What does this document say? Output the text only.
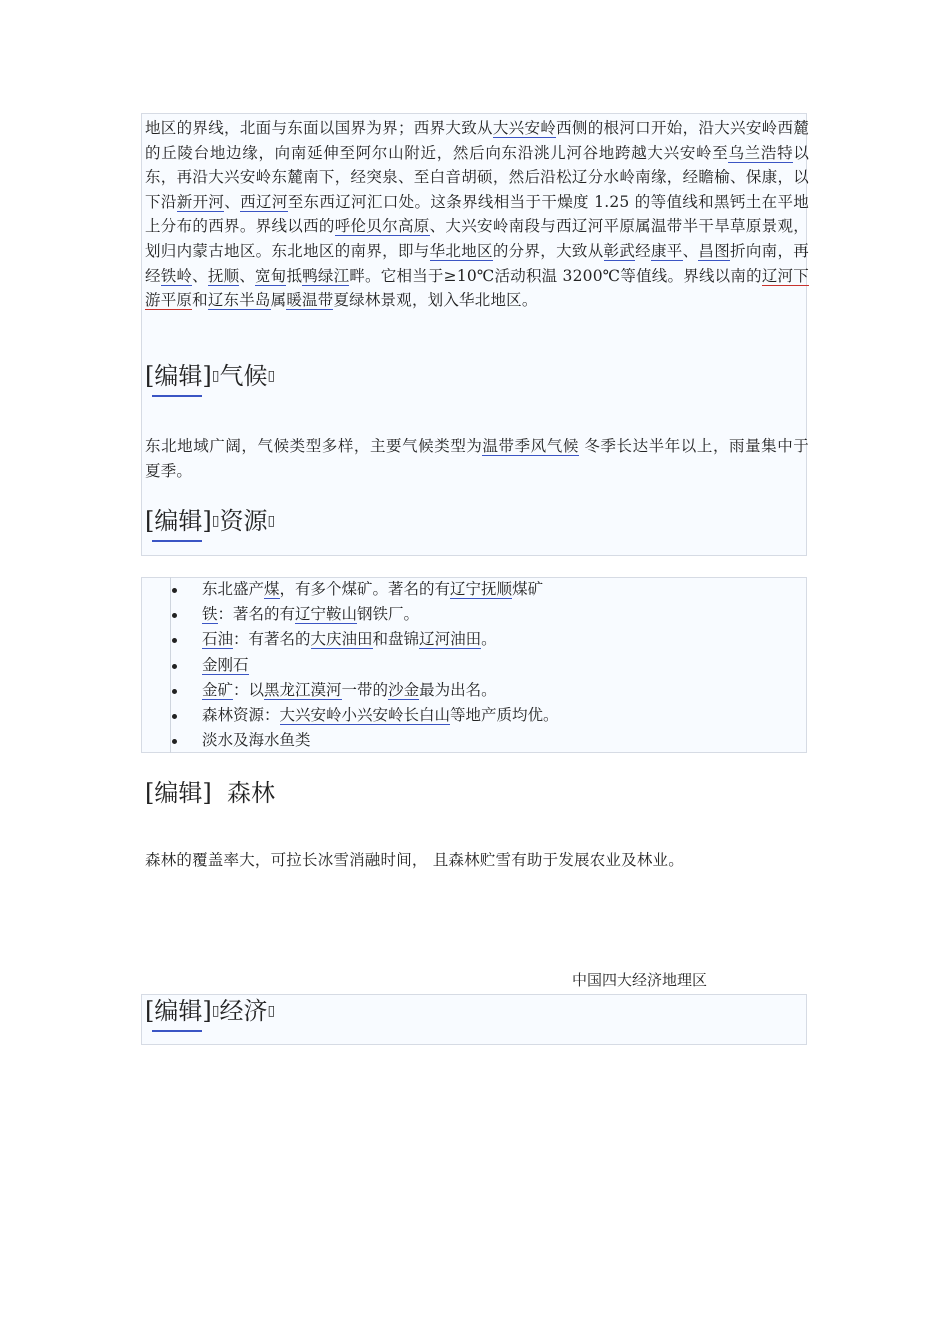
地区的界线，北面与东面以国界为界；西界大致从大兴安岭西侧的根河口开始，沿大兴安岭西麓的丘陵台地边缘，向南延伸至阿尔山附近，然后向东沿洮儿河谷地跨越大兴安岭至乌兰浩特以东，再沿大兴安岭东麓南下，经突泉、至白音胡硕，然后沿松辽分水岭南缘，经瞻榆、保康，以下沿新开河、西辽河至东西辽河汇口处。这条界线相当于干燥度 1.25 的等值线和黑钙土在平地上分布的西界。界线以西的呼伦贝尔高原、大兴安岭南段与西辽河平原属温带半干旱草原景观，划归内蒙古地区。东北地区的南界，即与华北地区的分界，大致从彰武经康平、昌图折向南，再经铁岭、抚顺、宽甸抵鸭绿江畔。它相当于≥10℃活动积温 3200℃等值线。界线以南的辽河下游平原和辽东半岛属暖温带夏绿林景观，划入华北地区。

[编辑]▯气候▯

东北地域广阔，气候类型多样，主要气候类型为温带季风气候 冬季长达半年以上，雨量集中于夏季。

[编辑]▯资源▯
东北盛产煤，有多个煤矿。著名的有辽宁抚顺煤矿
铁：著名的有辽宁鞍山钢铁厂。
石油：有著名的大庆油田和盘锦辽河油田。
金刚石
金矿：以黑龙江漠河一带的沙金最为出名。
森林资源：大兴安岭小兴安岭长白山等地产质均优。
淡水及海水鱼类
[编辑] 森林

森林的覆盖率大，可拉长冰雪消融时间， 且森林贮雪有助于发展农业及林业。

中国四大经济地理区
[编辑]▯经济▯
